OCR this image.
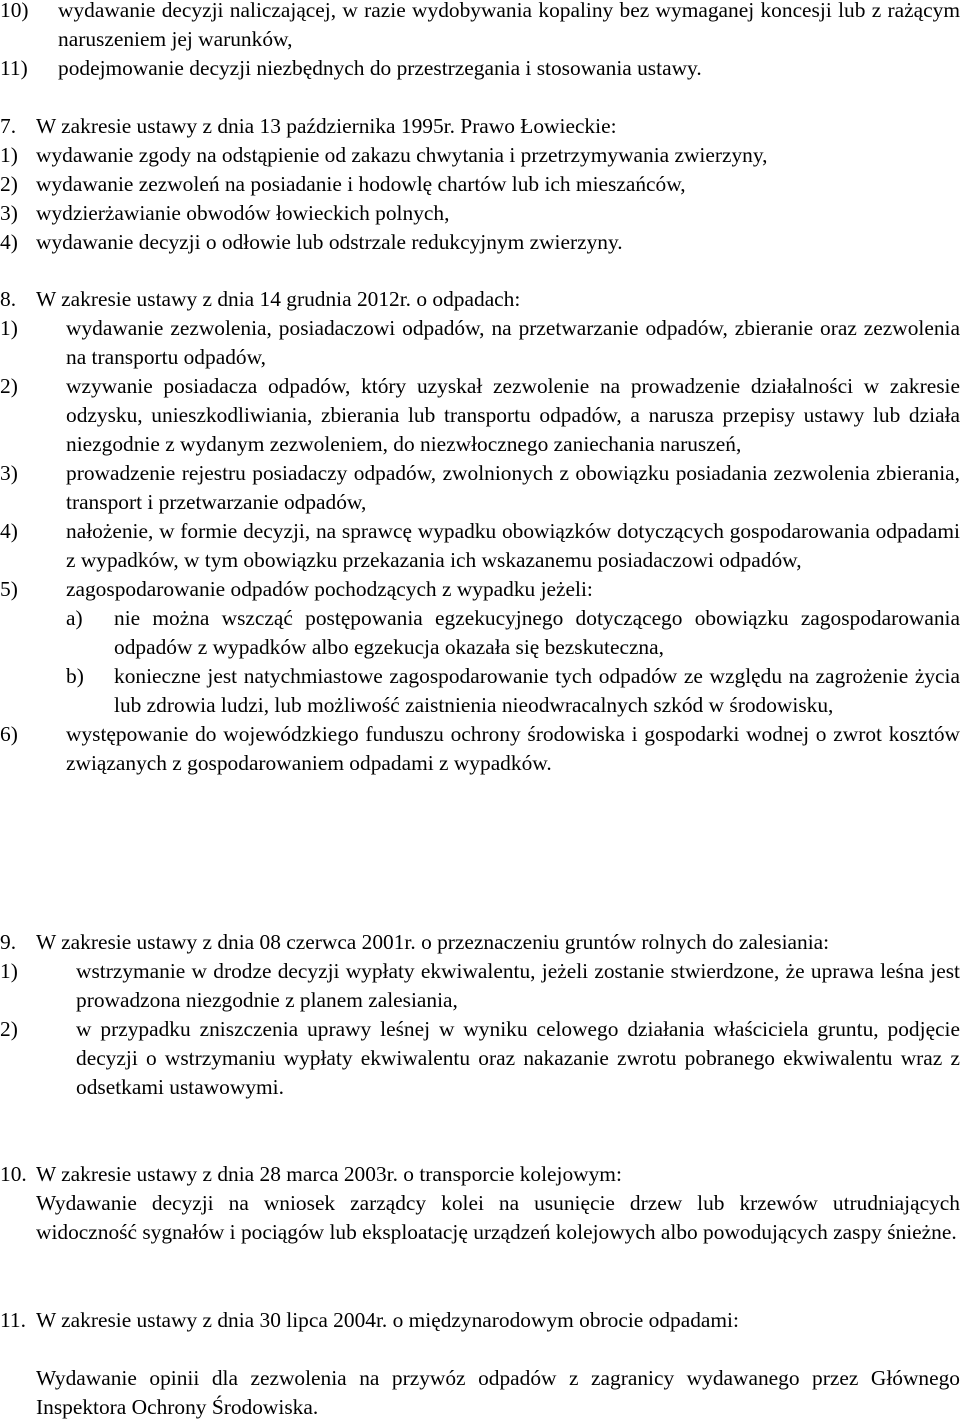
10)	wydawanie decyzji naliczającej, w razie wydobywania kopaliny bez wymaganej koncesji lub z rażącym naruszeniem jej warunków,
11)	podejmowanie decyzji niezbędnych do przestrzegania i stosowania ustawy.
7. W zakresie ustawy z dnia 13 października 1995r. Prawo Łowieckie:
1) wydawanie zgody na odstąpienie od zakazu chwytania i przetrzymywania zwierzyny,
2) wydawanie zezwoleń na posiadanie i hodowlę chartów lub ich mieszańców,
3) wydzierżawianie obwodów łowieckich polnych,
4) wydawanie decyzji o odłowie lub odstrzale redukcyjnym zwierzyny.
8. W zakresie ustawy z dnia 14 grudnia 2012r. o odpadach:
1)	wydawanie zezwolenia, posiadaczowi odpadów, na przetwarzanie odpadów, zbieranie oraz zezwolenia na transportu odpadów,
2)	wzywanie posiadacza odpadów, który uzyskał zezwolenie na prowadzenie działalności w zakresie odzysku, unieszkodliwiania, zbierania lub transportu odpadów, a narusza przepisy ustawy lub działa niezgodnie z wydanym zezwoleniem, do niezwłocznego zaniechania naruszeń,
3)	prowadzenie rejestru posiadaczy odpadów, zwolnionych z obowiązku posiadania zezwolenia zbierania, transport i przetwarzanie odpadów,
4)	nałożenie, w formie decyzji, na sprawcę wypadku obowiązków dotyczących gospodarowania odpadami z wypadków, w tym obowiązku przekazania ich wskazanemu posiadaczowi odpadów,
5)	zagospodarowanie odpadów pochodzących z wypadku jeżeli:
a)	nie można wszcząć postępowania egzekucyjnego dotyczącego obowiązku zagospodarowania odpadów z wypadków albo egzekucja okazała się bezskuteczna,
b)	konieczne jest natychmiastowe zagospodarowanie tych odpadów ze względu na zagrożenie życia lub zdrowia ludzi, lub możliwość zaistnienia nieodwracalnych szkód w środowisku,
6)	występowanie do wojewódzkiego funduszu ochrony środowiska i gospodarki wodnej o zwrot kosztów związanych z gospodarowaniem odpadami z wypadków.
9. W zakresie ustawy z dnia 08 czerwca 2001r. o przeznaczeniu gruntów rolnych do zalesiania:
1)	wstrzymanie w drodze decyzji wypłaty ekwiwalentu, jeżeli zostanie stwierdzone, że uprawa leśna jest prowadzona niezgodnie z planem zalesiania,
2)	w przypadku zniszczenia uprawy leśnej w wyniku celowego działania właściciela gruntu, podjęcie decyzji o wstrzymaniu wypłaty ekwiwalentu oraz nakazanie zwrotu pobranego ekwiwalentu wraz z odsetkami ustawowymi.
10. W zakresie ustawy z dnia 28 marca 2003r. o transporcie kolejowym:
Wydawanie decyzji na wniosek zarządcy kolei na usunięcie drzew lub krzewów utrudniających widoczność sygnałów i pociągów lub eksploatację urządzeń kolejowych albo powodujących zaspy śnieżne.
11. W zakresie ustawy z dnia 30 lipca 2004r. o międzynarodowym obrocie odpadami:
Wydawanie opinii dla zezwolenia na przywóz odpadów z zagranicy wydawanego przez Głównego Inspektora Ochrony Środowiska.
